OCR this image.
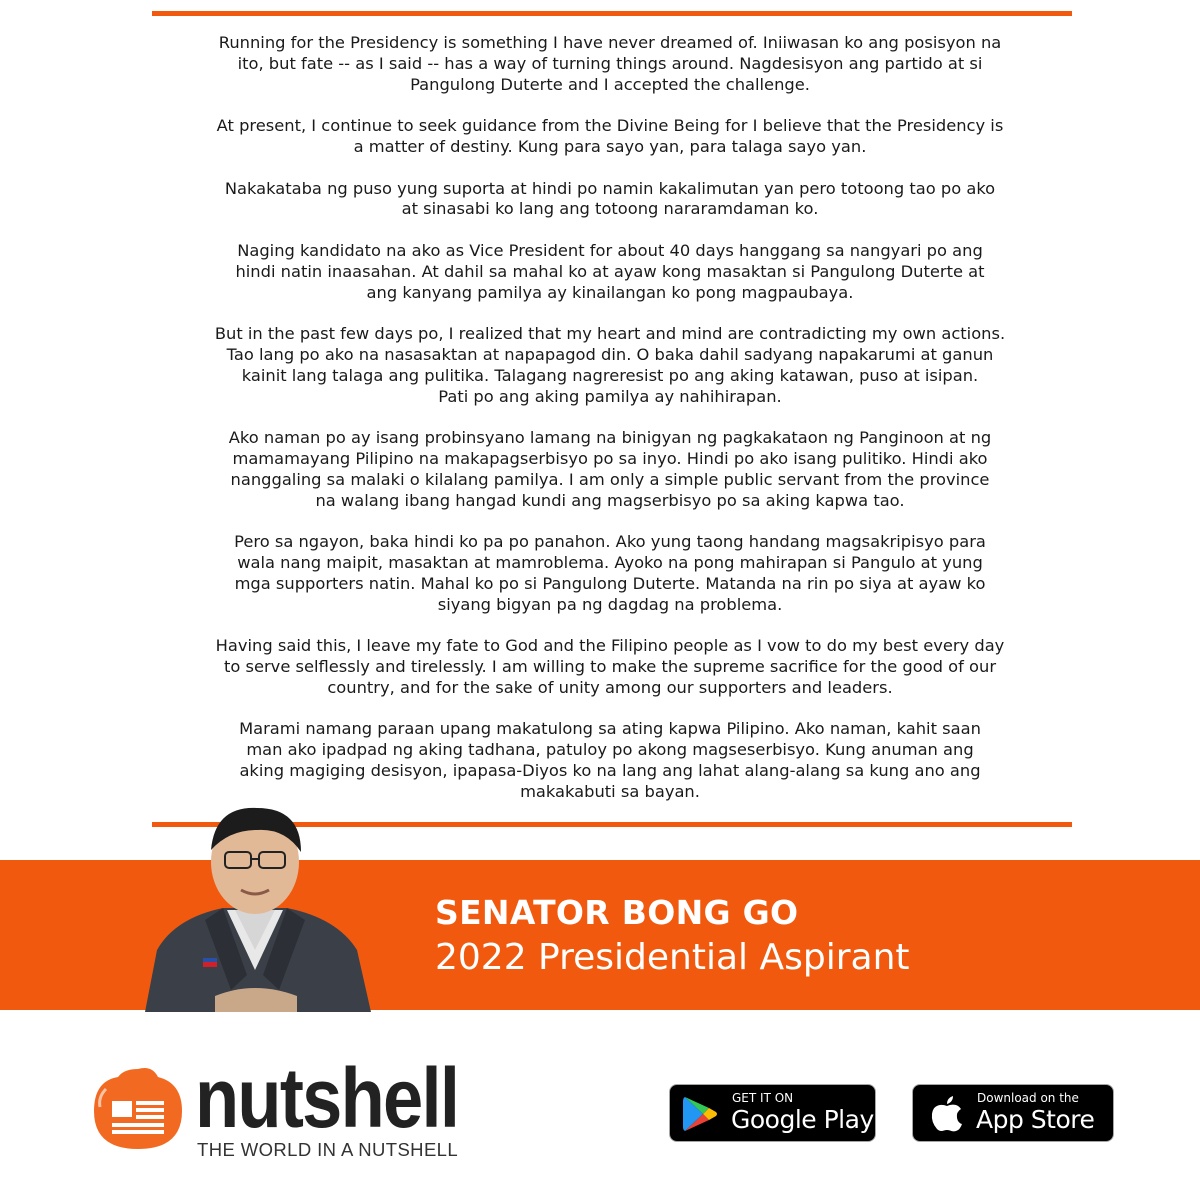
Running for the Presidency is something I have never dreamed of. Iniiwasan ko ang posisyon na
ito, but fate -- as I said -- has a way of turning things around. Nagdesisyon ang partido at si
Pangulong Duterte and I accepted the challenge.

At present, I continue to seek guidance from the Divine Being for I believe that the Presidency is
a matter of destiny. Kung para sayo yan, para talaga sayo yan.

Nakakataba ng puso yung suporta at hindi po namin kakalimutan yan pero totoong tao po ako
at sinasabi ko lang ang totoong nararamdaman ko.

Naging kandidato na ako as Vice President for about 40 days hanggang sa nangyari po ang
hindi natin inaasahan. At dahil sa mahal ko at ayaw kong masaktan si Pangulong Duterte at
ang kanyang pamilya ay kinailangan ko pong magpaubaya.

But in the past few days po, I realized that my heart and mind are contradicting my own actions.
Tao lang po ako na nasasaktan at napapagod din. O baka dahil sadyang napakarumi at ganun
kainit lang talaga ang pulitika. Talagang nagreresist po ang aking katawan, puso at isipan.
Pati po ang aking pamilya ay nahihirapan.

Ako naman po ay isang probinsyano lamang na binigyan ng pagkakataon ng Panginoon at ng
mamamayang Pilipino na makapagserbisyo po sa inyo. Hindi po ako isang pulitiko. Hindi ako
nanggaling sa malaki o kilalang pamilya. I am only a simple public servant from the province
na walang ibang hangad kundi ang magserbisyo po sa aking kapwa tao.

Pero sa ngayon, baka hindi ko pa po panahon. Ako yung taong handang magsakripisyo para
wala nang maipit, masaktan at mamroblema. Ayoko na pong mahirapan si Pangulo at yung
mga supporters natin. Mahal ko po si Pangulong Duterte. Matanda na rin po siya at ayaw ko
siyang bigyan pa ng dagdag na problema.

Having said this, I leave my fate to God and the Filipino people as I vow to do my best every day
to serve selflessly and tirelessly. I am willing to make the supreme sacrifice for the good of our
country, and for the sake of unity among our supporters and leaders.

Marami namang paraan upang makatulong sa ating kapwa Pilipino. Ako naman, kahit saan
man ako ipadpad ng aking tadhana, patuloy po akong magseserbisyo. Kung anuman ang
aking magiging desisyon, ipapasa-Diyos ko na lang ang lahat alang-alang sa kung ano ang
makakabuti sa bayan.

SENATOR BONG GO
2022 Presidential Aspirant
nutshell
THE WORLD IN A NUTSHELL
GET IT ON
Google Play
Download on the
App Store
